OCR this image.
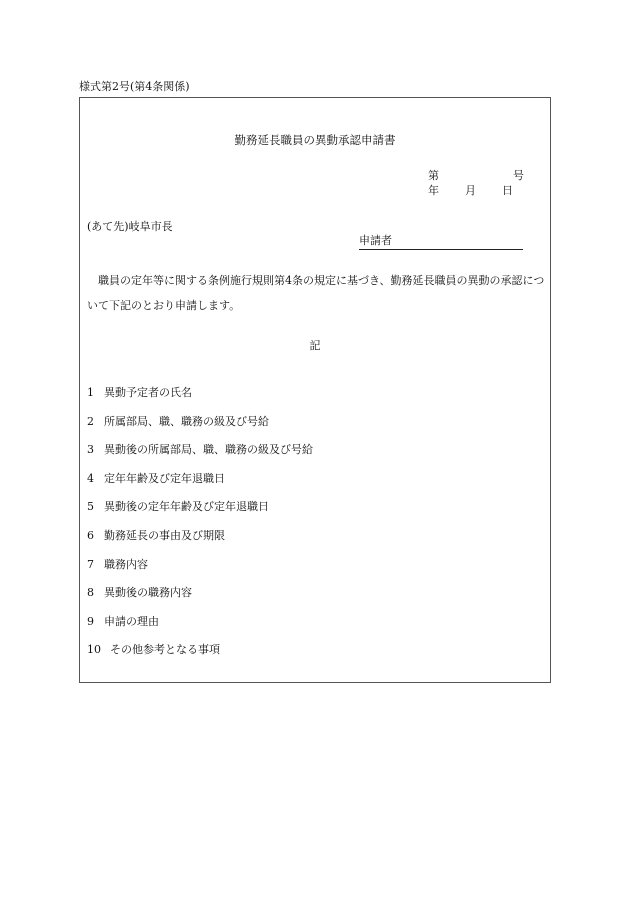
様式第2号(第4条関係)
勤務延長職員の異動承認申請書
第	号
年 月 日
(あて先)岐阜市長
申請者
職員の定年等に関する条例施行規則第4条の規定に基づき、勤務延長職員の異動の承認について下記のとおり申請します。
記
1 異動予定者の氏名
2 所属部局、職、職務の級及び号給
3 異動後の所属部局、職、職務の級及び号給
4 定年年齢及び定年退職日
5 異動後の定年年齢及び定年退職日
6 勤務延長の事由及び期限
7 職務内容
8 異動後の職務内容
9 申請の理由
10 その他参考となる事項
